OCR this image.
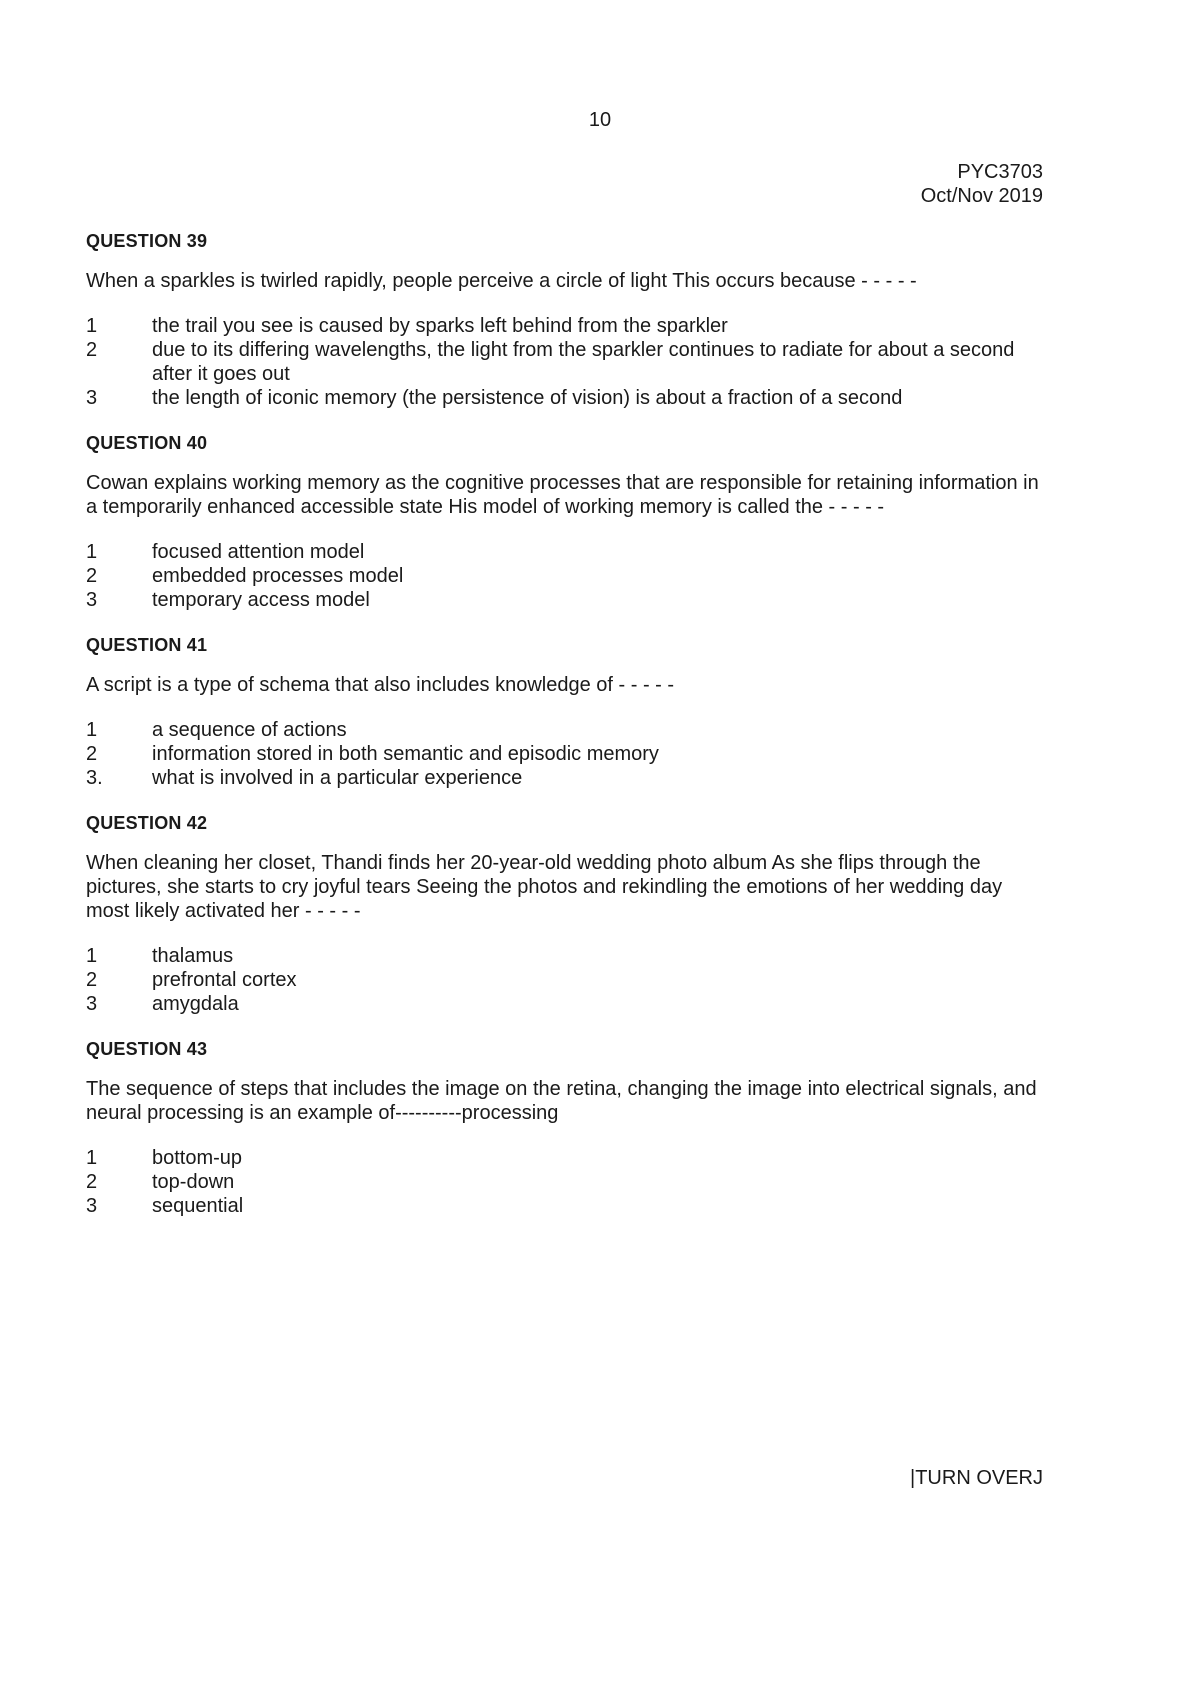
10
PYC3703
Oct/Nov 2019
QUESTION 39
When a sparkles is twirled rapidly, people perceive a circle of light This occurs because - - - - -
1	the trail you see is caused by sparks left behind from the sparkler
2	due to its differing wavelengths, the light from the sparkler continues to radiate for about a second after it goes out
3	the length of iconic memory (the persistence of vision) is about a fraction of a second
QUESTION 40
Cowan explains working memory as the cognitive processes that are responsible for retaining information in a temporarily enhanced accessible state His model of working memory is called the - - - - -
1	focused attention model
2	embedded processes model
3	temporary access model
QUESTION 41
A script is a type of schema that also includes knowledge of - - - - -
1	a sequence of actions
2	information stored in both semantic and episodic memory
3.	what is involved in a particular experience
QUESTION 42
When cleaning her closet, Thandi finds her 20-year-old wedding photo album As she flips through the pictures, she starts to cry joyful tears Seeing the photos and rekindling the emotions of her wedding day most likely activated her - - - - -
1	thalamus
2	prefrontal cortex
3	amygdala
QUESTION 43
The sequence of steps that includes the image on the retina, changing the image into electrical signals, and neural processing is an example of----------processing
1	bottom-up
2	top-down
3	sequential
|TURN OVERJ
